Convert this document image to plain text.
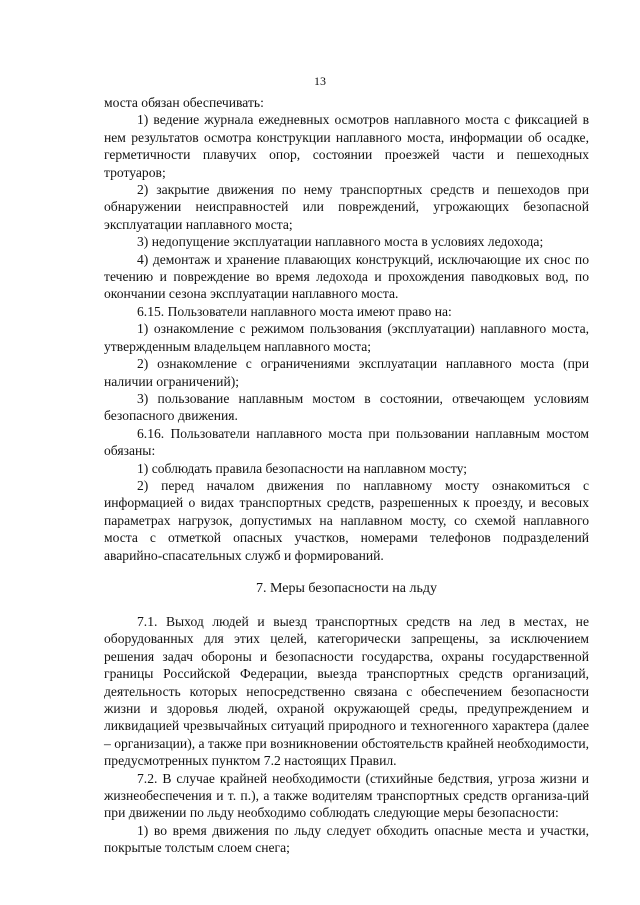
13

моста обязан обеспечивать:

1) ведение журнала ежедневных осмотров наплавного моста с фиксацией в нем результатов осмотра конструкции наплавного моста, информации об осадке, герметичности плавучих опор, состоянии проезжей части и пешеходных тротуаров;

2) закрытие движения по нему транспортных средств и пешеходов при обнаружении неисправностей или повреждений, угрожающих безопасной эксплуатации наплавного моста;

3) недопущение эксплуатации наплавного моста в условиях ледохода;

4) демонтаж и хранение плавающих конструкций, исключающие их снос по течению и повреждение во время ледохода и прохождения паводковых вод, по окончании сезона эксплуатации наплавного моста.

6.15. Пользователи наплавного моста имеют право на:

1) ознакомление с режимом пользования (эксплуатации) наплавного моста, утвержденным владельцем наплавного моста;

2) ознакомление с ограничениями эксплуатации наплавного моста (при наличии ограничений);

3) пользование наплавным мостом в состоянии, отвечающем условиям безопасного движения.

6.16. Пользователи наплавного моста при пользовании наплавным мостом обязаны:

1) соблюдать правила безопасности на наплавном мосту;

2) перед началом движения по наплавному мосту ознакомиться с информацией о видах транспортных средств, разрешенных к проезду, и весовых параметрах нагрузок, допустимых на наплавном мосту, со схемой наплавного моста с отметкой опасных участков, номерами телефонов подразделений аварийно-спасательных служб и формирований.

7. Меры безопасности на льду

7.1. Выход людей и выезд транспортных средств на лед в местах, не оборудованных для этих целей, категорически запрещены, за исключением решения задач обороны и безопасности государства, охраны государственной границы Российской Федерации, выезда транспортных средств организаций, деятельность которых непосредственно связана с обеспечением безопасности жизни и здоровья людей, охраной окружающей среды, предупреждением и ликвидацией чрезвычайных ситуаций природного и техногенного характера (далее – организации), а также при возникновении обстоятельств крайней необходимости, предусмотренных пунктом 7.2 настоящих Правил.

7.2. В случае крайней необходимости (стихийные бедствия, угроза жизни и жизнеобеспечения и т. п.), а также водителям транспортных средств организа-ций при движении по льду необходимо соблюдать следующие меры безопасности:

1) во время движения по льду следует обходить опасные места и участки, покрытые толстым слоем снега;
